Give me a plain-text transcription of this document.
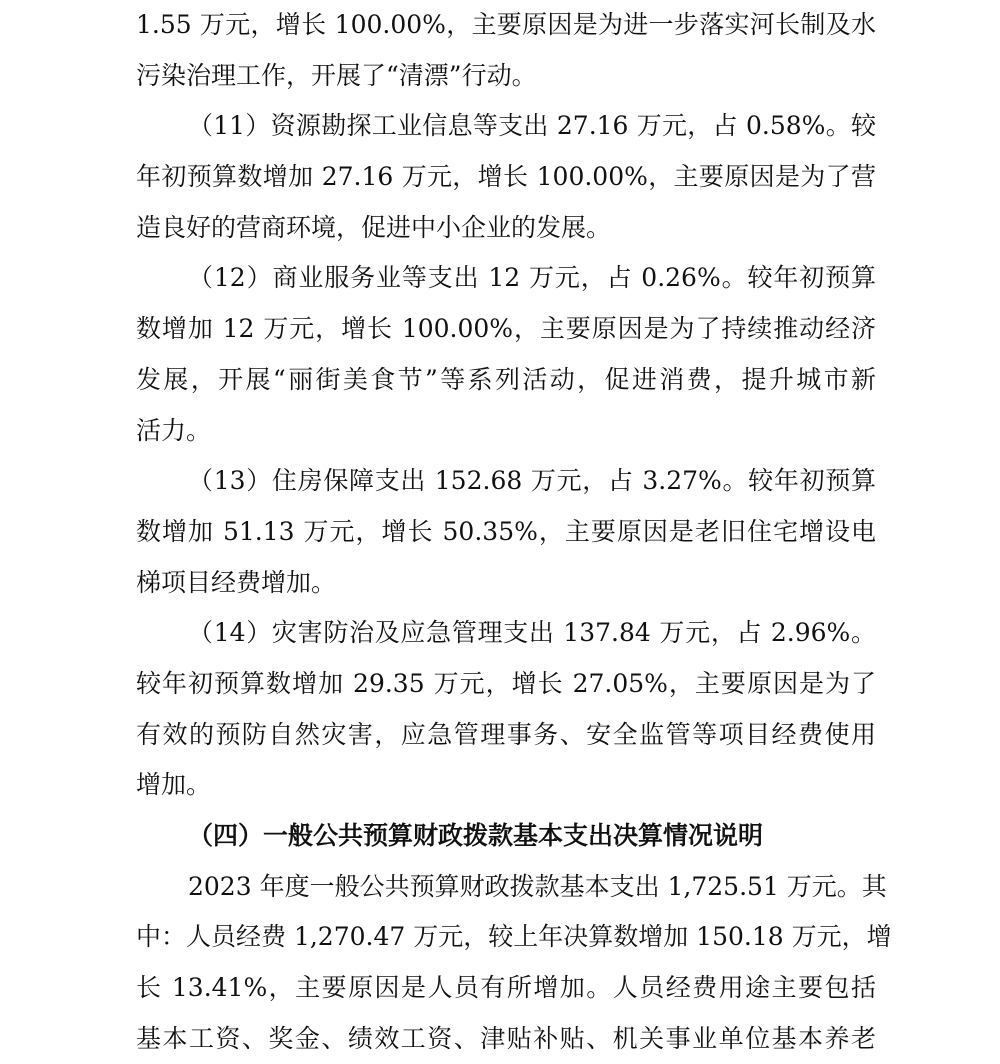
1.55 万元，增长 100.00%，主要原因是为进一步落实河长制及水
污染治理工作，开展了“清漂”行动。
（11）资源勘探工业信息等支出 27.16 万元，占 0.58%。较
年初预算数增加 27.16 万元，增长 100.00%，主要原因是为了营
造良好的营商环境，促进中小企业的发展。
（12）商业服务业等支出 12 万元，占 0.26%。较年初预算
数增加 12 万元，增长 100.00%，主要原因是为了持续推动经济
发展，开展“丽街美食节”等系列活动，促进消费，提升城市新
活力。
（13）住房保障支出 152.68 万元，占 3.27%。较年初预算
数增加 51.13 万元，增长 50.35%，主要原因是老旧住宅增设电
梯项目经费增加。
（14）灾害防治及应急管理支出 137.84 万元，占 2.96%。
较年初预算数增加 29.35 万元，增长 27.05%，主要原因是为了
有效的预防自然灾害，应急管理事务、安全监管等项目经费使用
增加。
（四）一般公共预算财政拨款基本支出决算情况说明
2023 年度一般公共预算财政拨款基本支出 1,725.51 万元。其
中：人员经费 1,270.47 万元，较上年决算数增加 150.18 万元，增
长 13.41%，主要原因是人员有所增加。人员经费用途主要包括
基本工资、奖金、绩效工资、津贴补贴、机关事业单位基本养老
